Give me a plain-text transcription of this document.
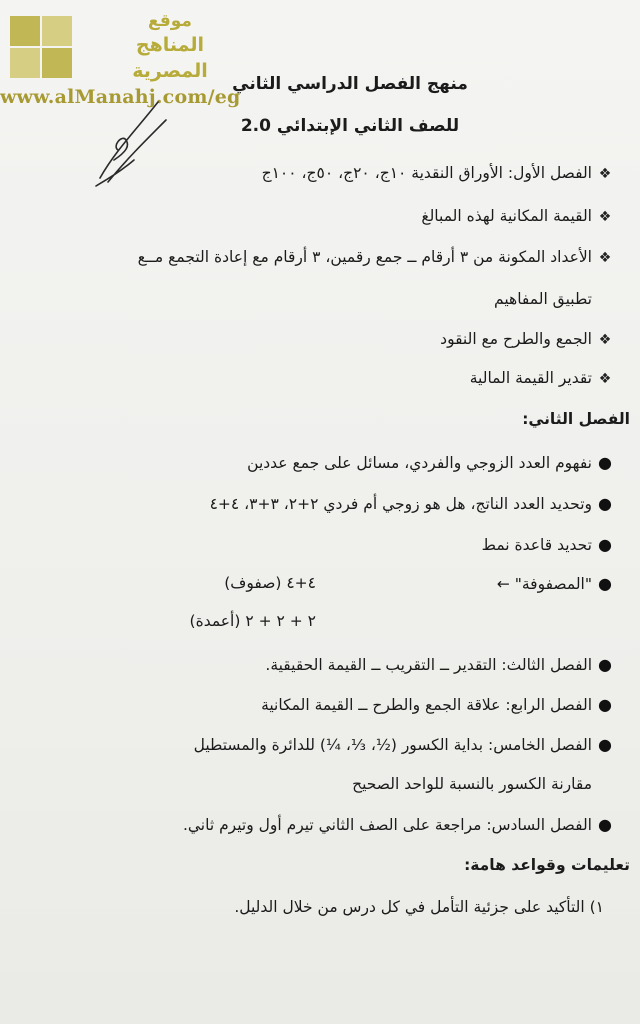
موقع
المناهج المصرية
www.alManahj.com/eg
منهج الفصل الدراسي الثاني
للصف الثاني الإبتدائي 2.0
❖الفصل الأول: الأوراق النقدية ١٠ج، ٢٠ج، ٥٠ج، ١٠٠ج
❖القيمة المكانية لهذه المبالغ
❖الأعداد المكونة من ٣ أرقام ــ جمع رقمين، ٣ أرقام مع إعادة التجمع مــع
تطبيق المفاهيم
❖الجمع والطرح مع النقود
❖تقدير القيمة المالية
الفصل الثاني:
●نفهوم العدد الزوجي والفردي، مسائل على جمع عددين
●وتحديد العدد الناتج، هل هو زوجي أم فردي ٢+٢، ٣+٣، ٤+٤
●تحديد قاعدة نمط
●"المصفوفة" ←
٤+٤ (صفوف)
٢ + ٢ + ٢ (أعمدة)
●الفصل الثالث: التقدير ــ التقريب ــ القيمة الحقيقية.
●الفصل الرابع: علاقة الجمع والطرح ــ القيمة المكانية
●الفصل الخامس: بداية الكسور (½، ⅓، ¼) للدائرة والمستطيل
مقارنة الكسور بالنسبة للواحد الصحيح
●الفصل السادس: مراجعة على الصف الثاني تيرم أول وتيرم ثاني.
تعليمات وقواعد هامة:
١) التأكيد على جزئية التأمل في كل درس من خلال الدليل.
